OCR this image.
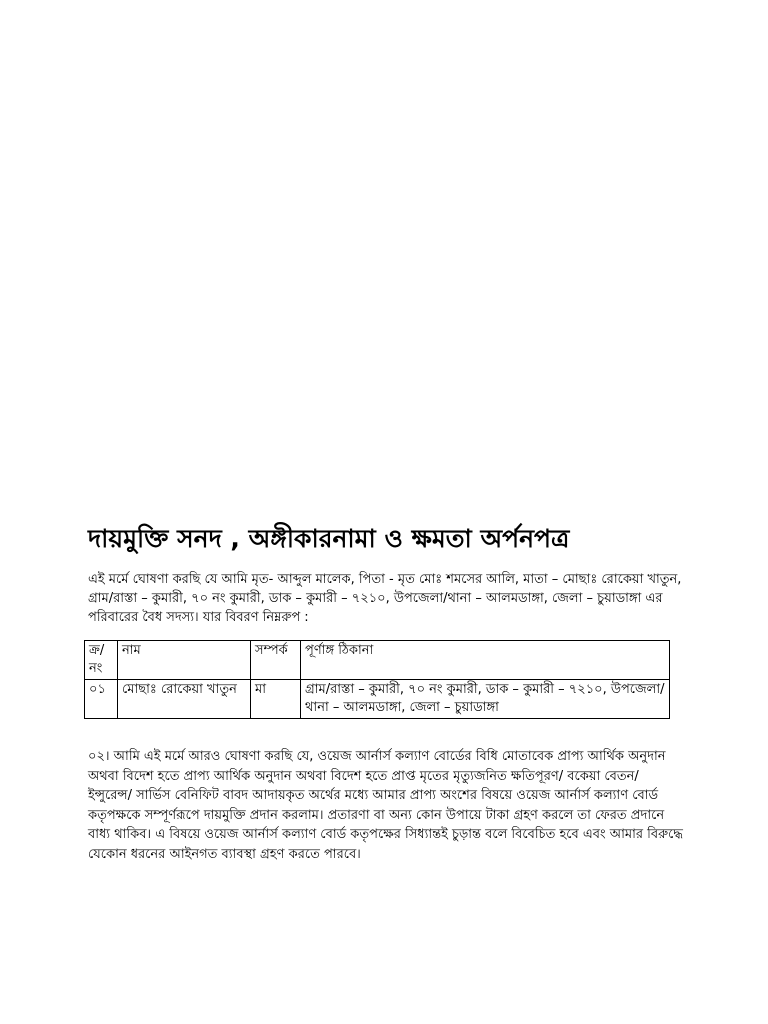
দায়মুক্তি সনদ , অঙ্গীকারনামা ও ক্ষমতা অর্পনপত্র
এই মর্মে ঘোষণা করছি যে আমি মৃত- আব্দুল মালেক, পিতা - মৃত মোঃ শমসের আলি, মাতা – মোছাঃ রোকেয়া খাতুন, গ্রাম/রাস্তা – কুমারী, ৭০ নং কুমারী, ডাক – কুমারী – ৭২১০, উপজেলা/থানা – আলমডাঙ্গা, জেলা – চুয়াডাঙ্গা এর পরিবারের বৈধ সদস্য। যার বিবরণ নিম্নরুপ :
ক্র/ নং	নাম	সম্পর্ক	পূর্ণাঙ্গ ঠিকানা
০১	মোছাঃ রোকেয়া খাতুন	মা	গ্রাম/রাস্তা – কুমারী, ৭০ নং কুমারী, ডাক – কুমারী – ৭২১০, উপজেলা/থানা – আলমডাঙ্গা, জেলা – চুয়াডাঙ্গা
০২। আমি এই মর্মে আরও ঘোষণা করছি যে, ওয়েজ আর্নার্স কল্যাণ বোর্ডের বিধি মোতাবেক প্রাপ্য আর্থিক অনুদান অথবা বিদেশ হতে প্রাপ্য আর্থিক অনুদান অথবা বিদেশ হতে প্রাপ্ত মৃতের মৃত্যুজনিত ক্ষতিপূরণ/ বকেয়া বেতন/ ইন্সুরেন্স/ সার্ভিস বেনিফিট বাবদ আদায়কৃত অর্থের মধ্যে আমার প্রাপ্য অংশের বিষয়ে ওয়েজ আর্নার্স কল্যাণ বোর্ড কতৃপক্ষকে সম্পূর্ণরূপে দায়মুক্তি প্রদান করলাম। প্রতারণা বা অন্য কোন উপায়ে টাকা গ্রহণ করলে তা ফেরত প্রদানে বাধ্য থাকিব। এ বিষয়ে ওয়েজ আর্নার্স কল্যাণ বোর্ড কতৃপক্ষের সিধ্যান্তই চুড়ান্ত বলে বিবেচিত হবে এবং আমার বিরুদ্ধে যেকোন ধরনের আইনগত ব্যাবস্থা গ্রহণ করতে পারবে।
